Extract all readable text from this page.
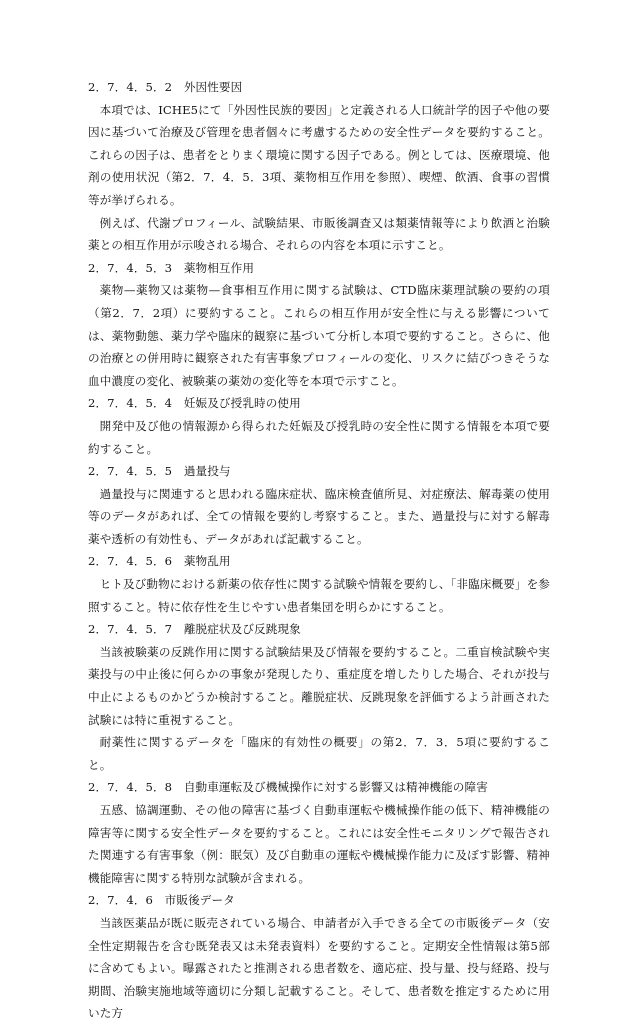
2．7．4．5．2　外因性要因

本項では、ICHE5にて「外因性民族的要因」と定義される人口統計学的因子や他の要因に基づいて治療及び管理を患者個々に考慮するための安全性データを要約すること。これらの因子は、患者をとりまく環境に関する因子である。例としては、医療環境、他剤の使用状況（第2．7．4．5．3項、薬物相互作用を参照）、喫煙、飲酒、食事の習慣等が挙げられる。

例えば、代謝プロフィール、試験結果、市販後調査又は類薬情報等により飲酒と治験薬との相互作用が示唆される場合、それらの内容を本項に示すこと。

2．7．4．5．3　薬物相互作用

薬物—薬物又は薬物—食事相互作用に関する試験は、CTD臨床薬理試験の要約の項（第2．7．2項）に要約すること。これらの相互作用が安全性に与える影響については、薬物動態、薬力学や臨床的観察に基づいて分析し本項で要約すること。さらに、他の治療との併用時に観察された有害事象プロフィールの変化、リスクに結びつきそうな血中濃度の変化、被験薬の薬効の変化等を本項で示すこと。

2．7．4．5．4　妊娠及び授乳時の使用

開発中及び他の情報源から得られた妊娠及び授乳時の安全性に関する情報を本項で要約すること。

2．7．4．5．5　過量投与

過量投与に関連すると思われる臨床症状、臨床検査値所見、対症療法、解毒薬の使用等のデータがあれば、全ての情報を要約し考察すること。また、過量投与に対する解毒薬や透析の有効性も、データがあれば記載すること。

2．7．4．5．6　薬物乱用

ヒト及び動物における新薬の依存性に関する試験や情報を要約し、「非臨床概要」を参照すること。特に依存性を生じやすい患者集団を明らかにすること。

2．7．4．5．7　離脱症状及び反跳現象

当該被験薬の反跳作用に関する試験結果及び情報を要約すること。二重盲検試験や実薬投与の中止後に何らかの事象が発現したり、重症度を増したりした場合、それが投与中止によるものかどうか検討すること。離脱症状、反跳現象を評価するよう計画された試験には特に重視すること。

耐薬性に関するデータを「臨床的有効性の概要」の第2．7．3．5項に要約すること。

2．7．4．5．8　自動車運転及び機械操作に対する影響又は精神機能の障害

五感、協調運動、その他の障害に基づく自動車運転や機械操作能の低下、精神機能の障害等に関する安全性データを要約すること。これには安全性モニタリングで報告された関連する有害事象（例：眠気）及び自動車の運転や機械操作能力に及ぼす影響、精神機能障害に関する特別な試験が含まれる。

2．7．4．6　市販後データ

当該医薬品が既に販売されている場合、申請者が入手できる全ての市販後データ（安全性定期報告を含む既発表又は未発表資料）を要約すること。定期安全性情報は第5部に含めてもよい。曝露されたと推測される患者数を、適応症、投与量、投与経路、投与期間、治験実施地域等適切に分類し記載すること。そして、患者数を推定するために用いた方
